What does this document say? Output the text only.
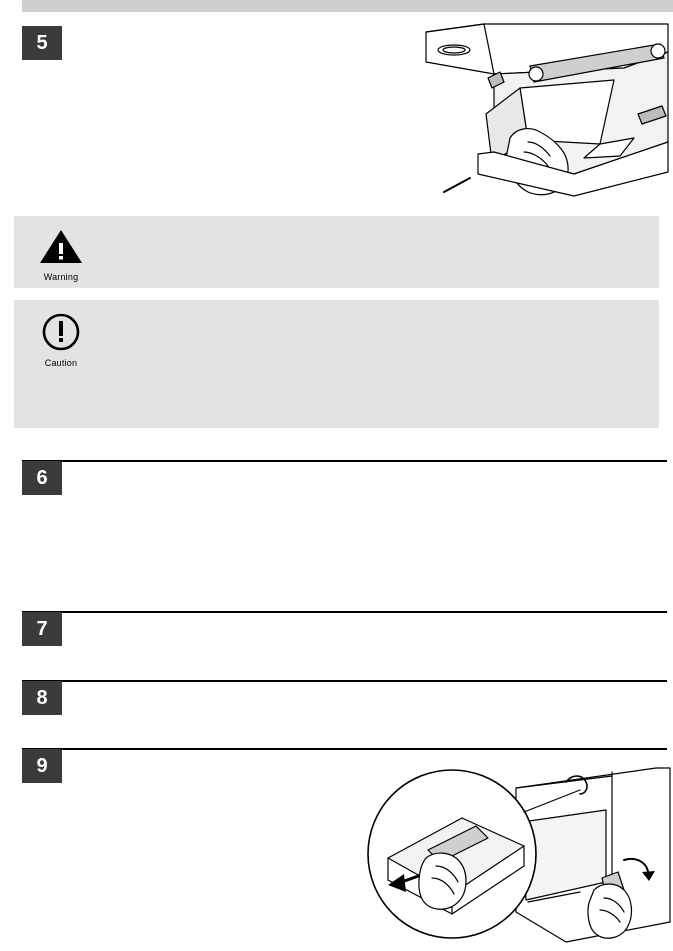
5
Warning
Caution
6
7
8
9
